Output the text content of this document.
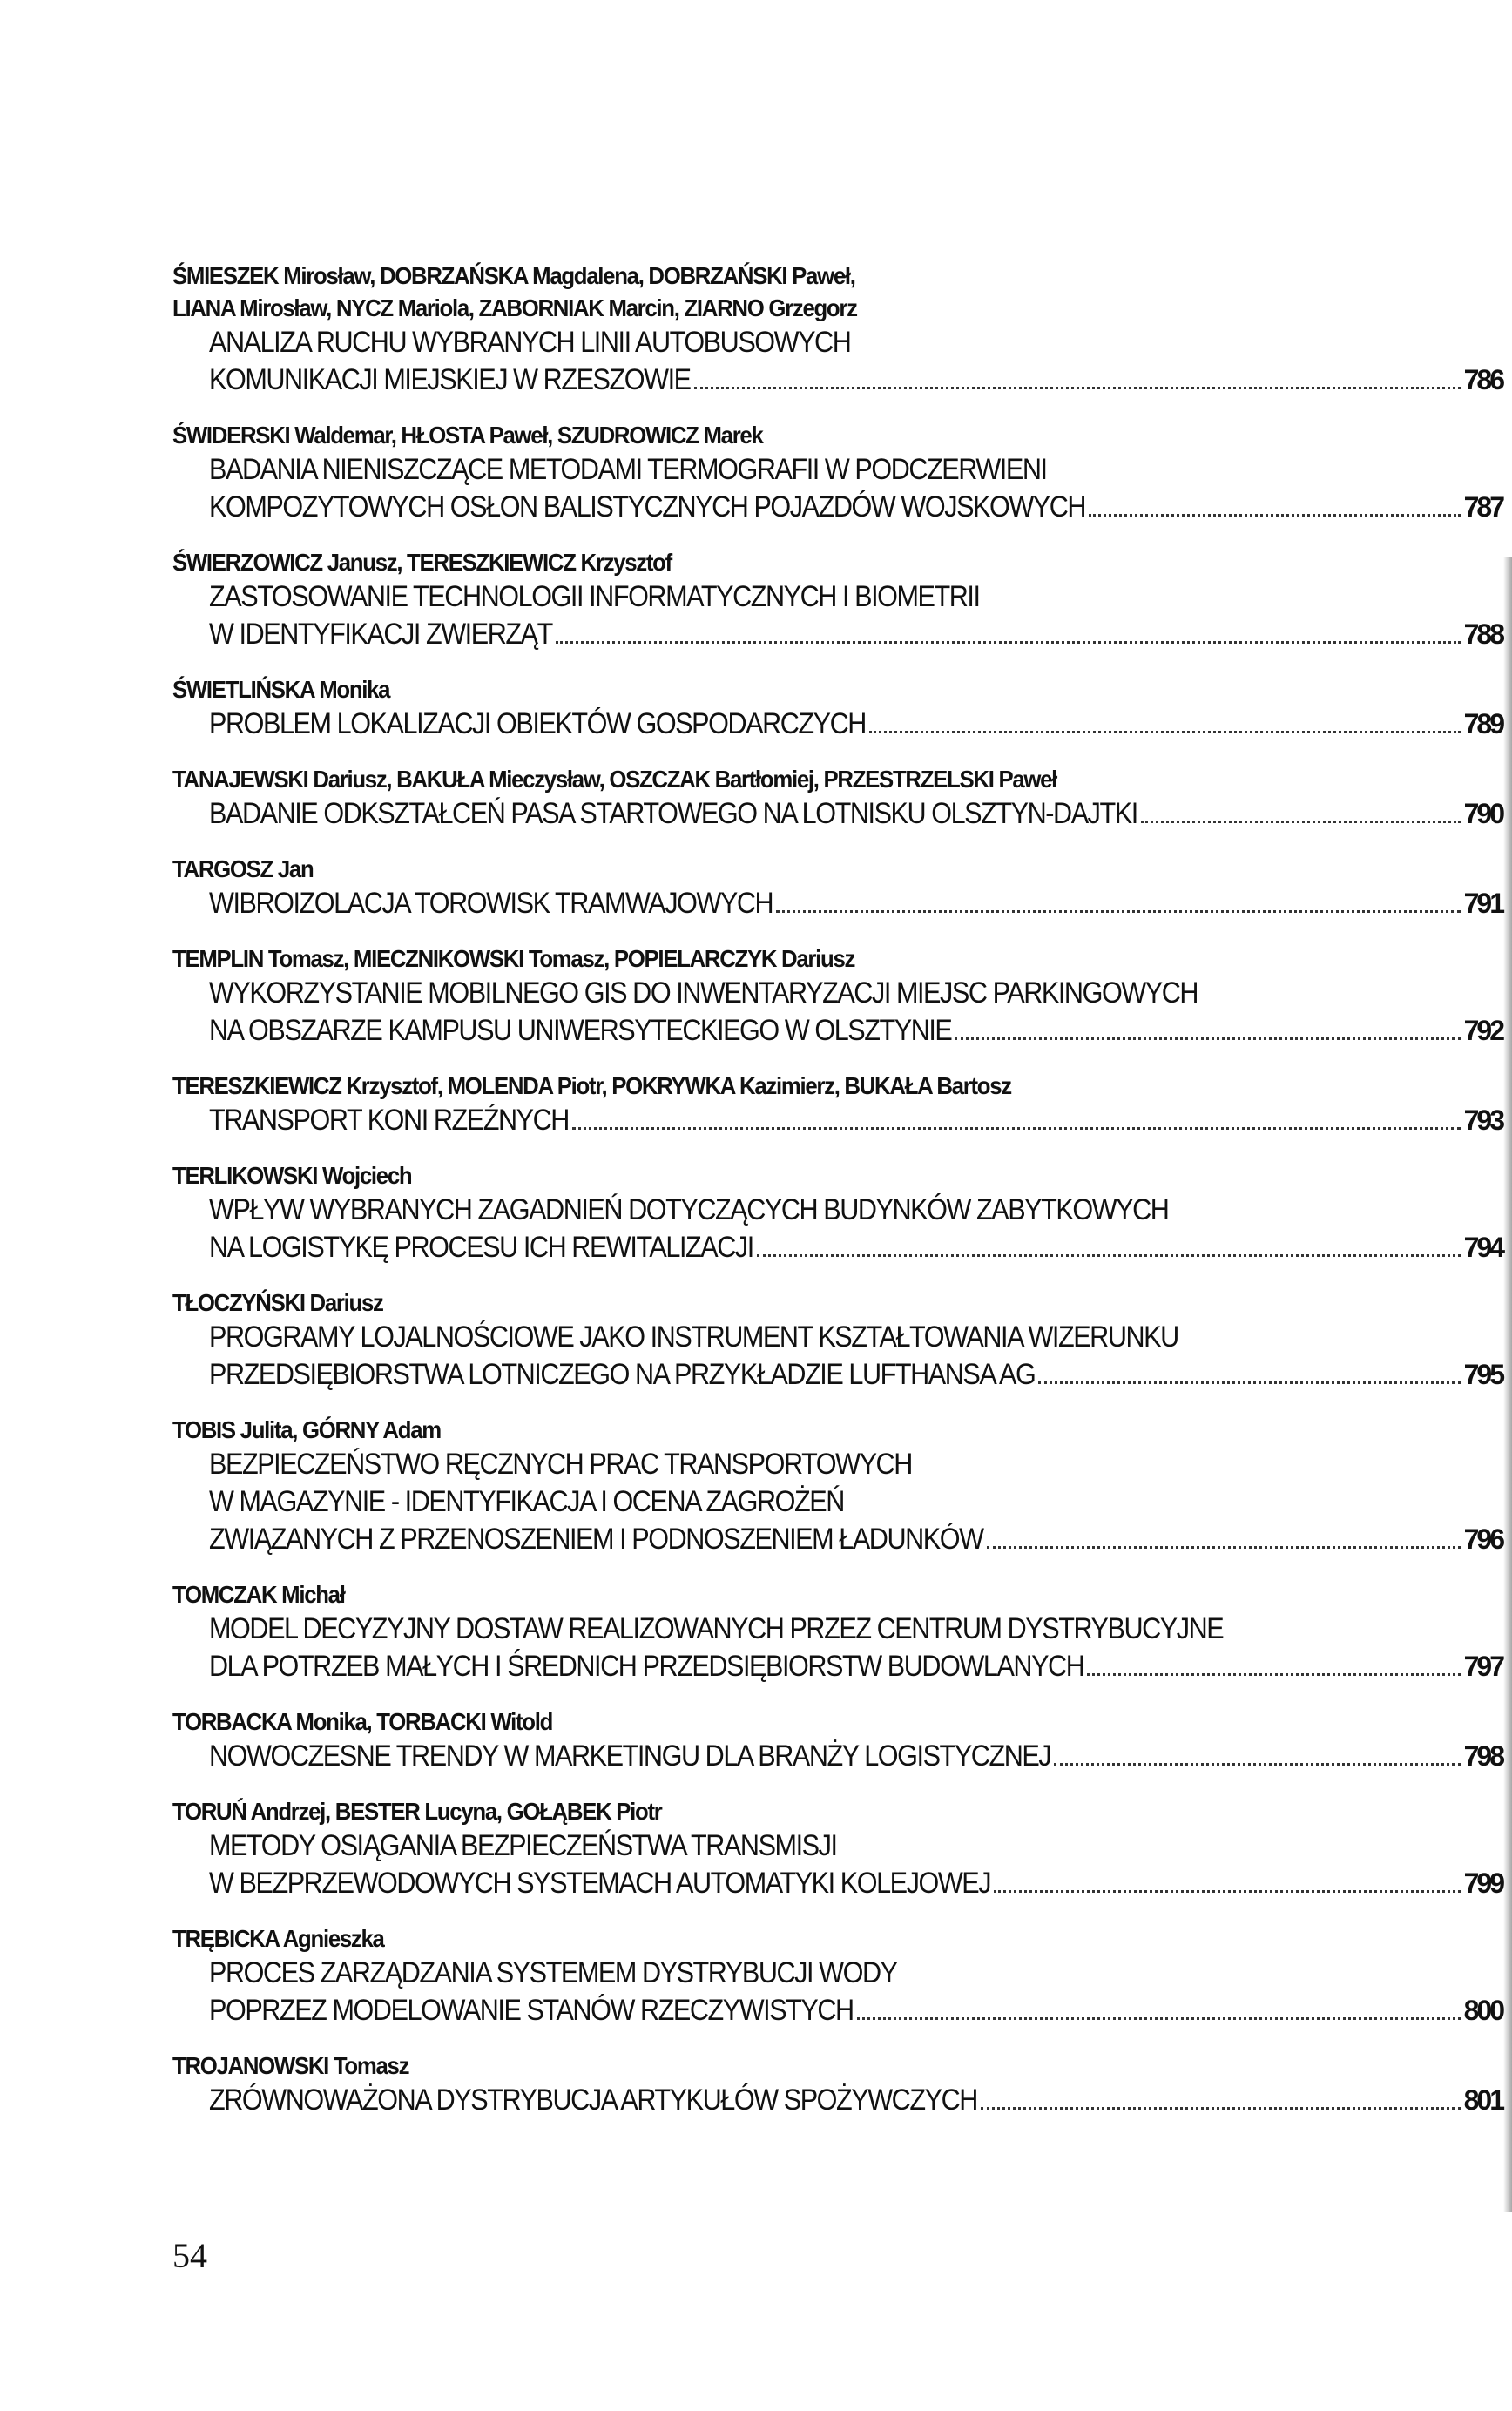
ŚMIESZEK Mirosław, DOBRZAŃSKA Magdalena, DOBRZAŃSKI Paweł,
LIANA Mirosław, NYCZ Mariola, ZABORNIAK Marcin, ZIARNO Grzegorz
ANALIZA RUCHU WYBRANYCH LINII AUTOBUSOWYCH
KOMUNIKACJI MIEJSKIEJ W RZESZOWIE	786
ŚWIDERSKI Waldemar, HŁOSTA Paweł, SZUDROWICZ Marek
BADANIA NIENISZCZĄCE METODAMI TERMOGRAFII W PODCZERWIENI
KOMPOZYTOWYCH OSŁON BALISTYCZNYCH POJAZDÓW WOJSKOWYCH	787
ŚWIERZOWICZ Janusz, TERESZKIEWICZ Krzysztof
ZASTOSOWANIE TECHNOLOGII INFORMATYCZNYCH I BIOMETRII
W IDENTYFIKACJI ZWIERZĄT	788
ŚWIETLIŃSKA Monika
PROBLEM LOKALIZACJI OBIEKTÓW GOSPODARCZYCH	789
TANAJEWSKI Dariusz, BAKUŁA Mieczysław, OSZCZAK Bartłomiej, PRZESTRZELSKI Paweł
BADANIE ODKSZTAŁCEŃ PASA STARTOWEGO NA LOTNISKU OLSZTYN-DAJTKI	790
TARGOSZ Jan
WIBROIZOLACJA TOROWISK TRAMWAJOWYCH	791
TEMPLIN Tomasz, MIECZNIKOWSKI Tomasz, POPIELARCZYK Dariusz
WYKORZYSTANIE MOBILNEGO GIS DO INWENTARYZACJI MIEJSC PARKINGOWYCH
NA OBSZARZE KAMPUSU UNIWERSYTECKIEGO W OLSZTYNIE	792
TERESZKIEWICZ Krzysztof, MOLENDA Piotr, POKRYWKA Kazimierz, BUKAŁA Bartosz
TRANSPORT KONI RZEŹNYCH	793
TERLIKOWSKI Wojciech
WPŁYW WYBRANYCH ZAGADNIEŃ DOTYCZĄCYCH BUDYNKÓW ZABYTKOWYCH
NA LOGISTYKĘ PROCESU ICH REWITALIZACJI	794
TŁOCZYŃSKI Dariusz
PROGRAMY LOJALNOŚCIOWE JAKO INSTRUMENT KSZTAŁTOWANIA WIZERUNKU
PRZEDSIĘBIORSTWA LOTNICZEGO NA PRZYKŁADZIE LUFTHANSA AG	795
TOBIS Julita, GÓRNY Adam
BEZPIECZEŃSTWO RĘCZNYCH PRAC TRANSPORTOWYCH
W MAGAZYNIE - IDENTYFIKACJA I OCENA ZAGROŻEŃ
ZWIĄZANYCH Z PRZENOSZENIEM I PODNOSZENIEM ŁADUNKÓW	796
TOMCZAK Michał
MODEL DECYZYJNY DOSTAW REALIZOWANYCH PRZEZ CENTRUM DYSTRYBUCYJNE
DLA POTRZEB MAŁYCH I ŚREDNICH PRZEDSIĘBIORSTW BUDOWLANYCH	797
TORBACKA Monika, TORBACKI Witold
NOWOCZESNE TRENDY W MARKETINGU DLA BRANŻY LOGISTYCZNEJ	798
TORUŃ Andrzej, BESTER Lucyna, GOŁĄBEK Piotr
METODY OSIĄGANIA BEZPIECZEŃSTWA TRANSMISJI
W BEZPRZEWODOWYCH SYSTEMACH AUTOMATYKI KOLEJOWEJ	799
TRĘBICKA Agnieszka
PROCES ZARZĄDZANIA SYSTEMEM DYSTRYBUCJI WODY
POPRZEZ MODELOWANIE STANÓW RZECZYWISTYCH	800
TROJANOWSKI Tomasz
ZRÓWNOWAŻONA DYSTRYBUCJA ARTYKUŁÓW SPOŻYWCZYCH	801
54
